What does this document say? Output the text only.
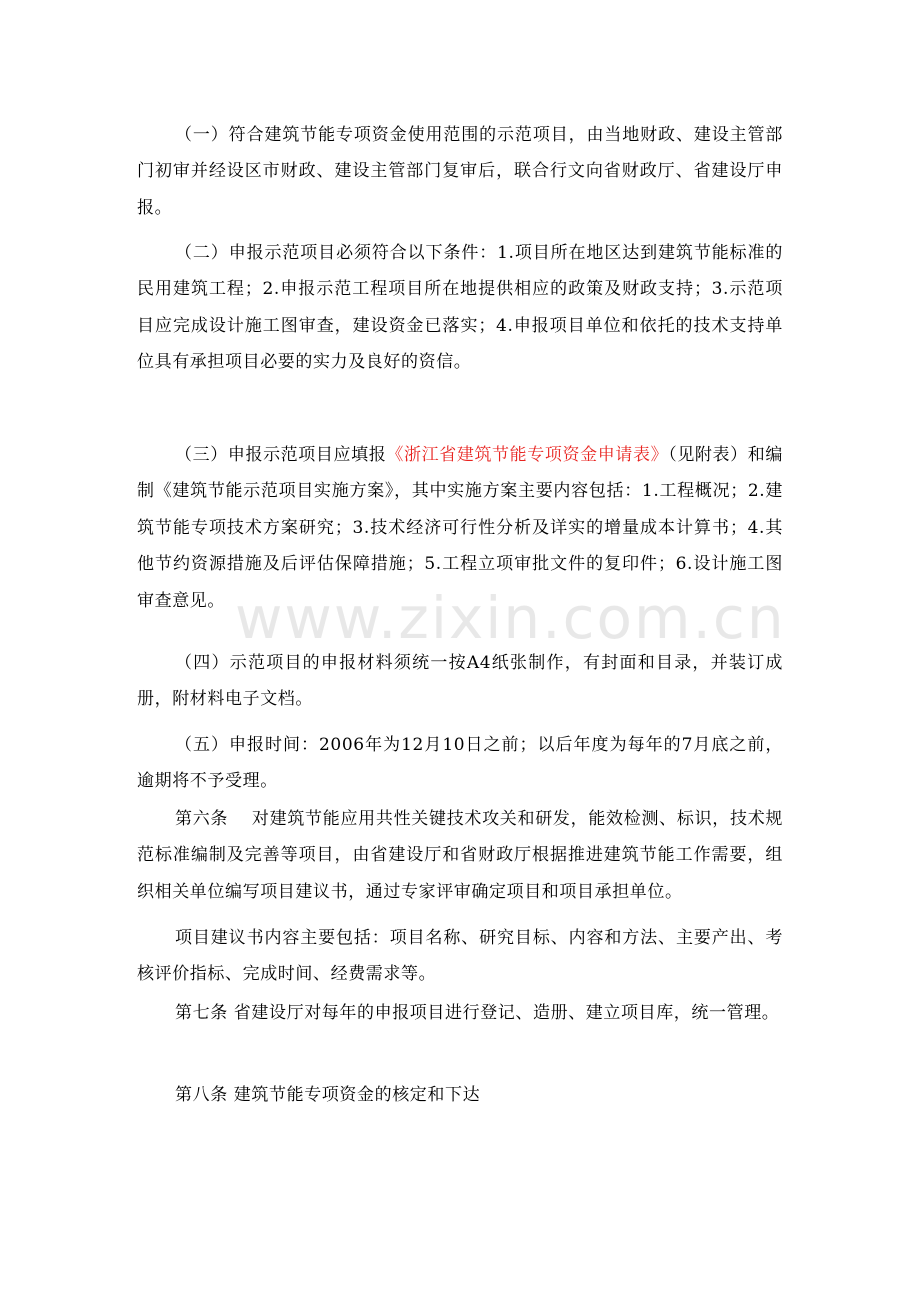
www.zixin.com.cn

（一）符合建筑节能专项资金使用范围的示范项目，由当地财政、建设主管部门初审并经设区市财政、建设主管部门复审后，联合行文向省财政厅、省建设厅申报。

（二）申报示范项目必须符合以下条件：1.项目所在地区达到建筑节能标准的民用建筑工程；2.申报示范工程项目所在地提供相应的政策及财政支持；3.示范项目应完成设计施工图审查，建设资金已落实；4.申报项目单位和依托的技术支持单位具有承担项目必要的实力及良好的资信。

（三）申报示范项目应填报《浙江省建筑节能专项资金申请表》（见附表）和编制《建筑节能示范项目实施方案》，其中实施方案主要内容包括：1.工程概况；2.建筑节能专项技术方案研究；3.技术经济可行性分析及详实的增量成本计算书；4.其他节约资源措施及后评估保障措施；5.工程立项审批文件的复印件；6.设计施工图审查意见。

（四）示范项目的申报材料须统一按A4纸张制作，有封面和目录，并装订成册，附材料电子文档。

（五）申报时间：2006年为12月10日之前；以后年度为每年的7月底之前，逾期将不予受理。

第六条　 对建筑节能应用共性关键技术攻关和研发，能效检测、标识，技术规范标准编制及完善等项目，由省建设厅和省财政厅根据推进建筑节能工作需要，组织相关单位编写项目建议书，通过专家评审确定项目和项目承担单位。

项目建议书内容主要包括：项目名称、研究目标、内容和方法、主要产出、考核评价指标、完成时间、经费需求等。

第七条 省建设厅对每年的申报项目进行登记、造册、建立项目库，统一管理。

第八条 建筑节能专项资金的核定和下达
